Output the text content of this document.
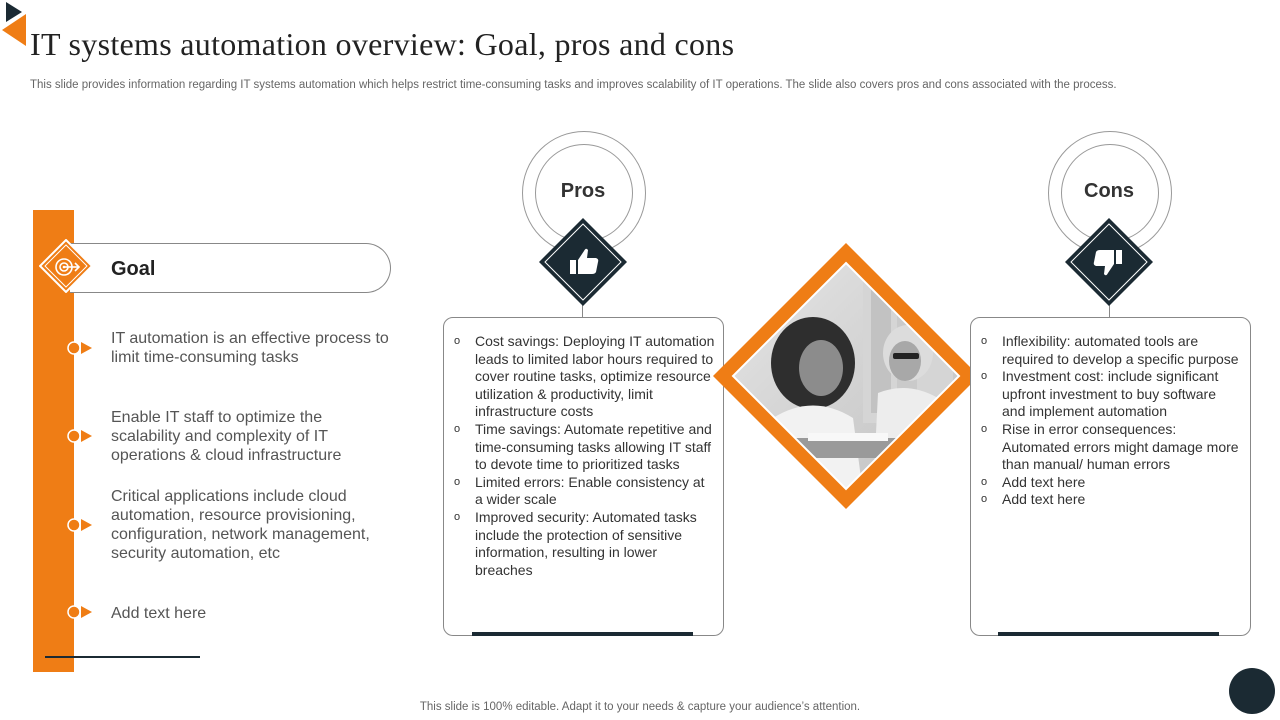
IT systems automation overview: Goal, pros and cons
This slide provides information regarding IT systems automation which helps restrict time-consuming tasks and improves scalability of IT operations. The slide also covers pros and cons associated with the process.
Goal
IT automation is an effective process to limit time-consuming tasks
Enable IT staff to optimize the scalability and complexity of IT operations & cloud infrastructure
Critical applications include cloud automation, resource provisioning, configuration, network management, security automation, etc
Add text here
Pros
o Cost savings: Deploying IT automation leads to limited labor hours required to cover routine tasks, optimize resource utilization & productivity, limit infrastructure costs
o Time savings: Automate repetitive and time-consuming tasks allowing IT staff to devote time to prioritized tasks
o Limited errors: Enable consistency at a wider scale
o Improved security: Automated tasks include the protection of sensitive information, resulting in lower breaches
Cons
o Inflexibility: automated tools are required to develop a specific purpose
o Investment cost: include significant upfront investment to buy software and implement automation
o Rise in error consequences: Automated errors might damage more than manual/ human errors
o Add text here
o Add text here
This slide is 100% editable. Adapt it to your needs & capture your audience’s attention.
